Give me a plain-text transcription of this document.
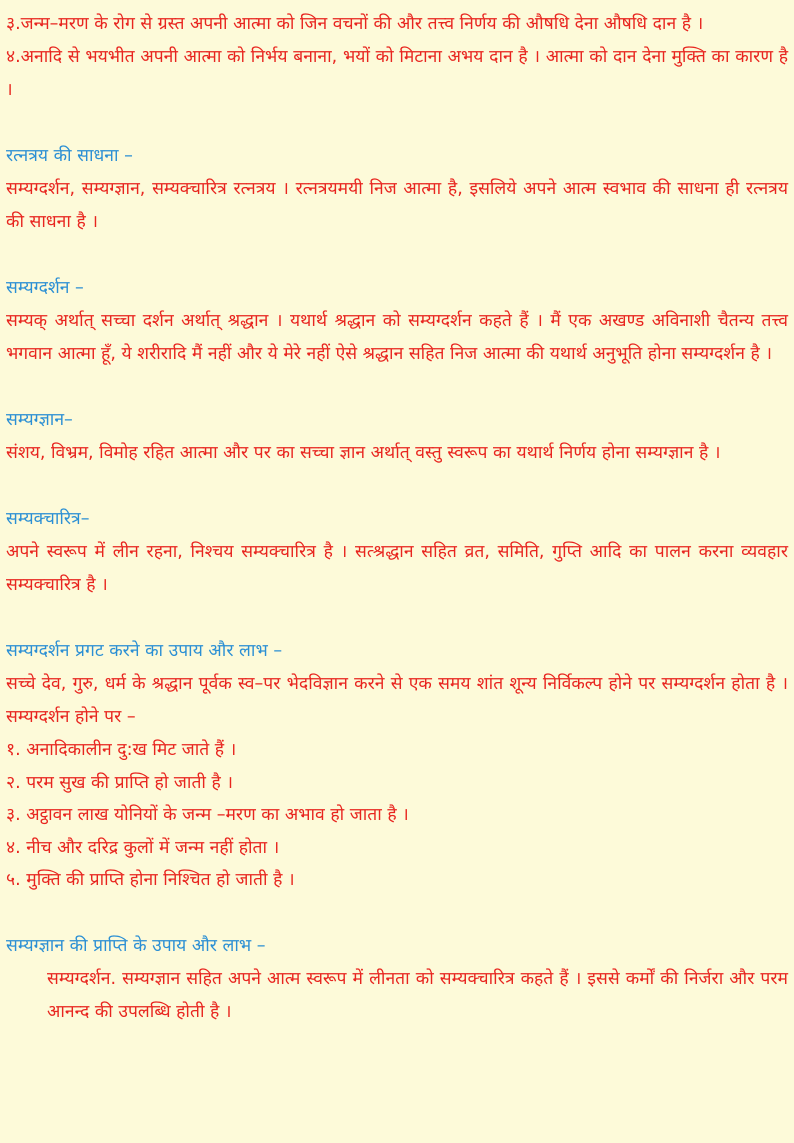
३.जन्म–मरण के रोग से ग्रस्त अपनी आत्मा को जिन वचनों की और तत्त्व निर्णय की औषधि देना औषधि दान है ।

४.अनादि से भयभीत अपनी आत्मा को निर्भय बनाना, भयों को मिटाना अभय दान है । आत्मा को दान देना मुक्ति का कारण है ।

रत्नत्रय की साधना –

सम्यग्दर्शन, सम्यग्ज्ञान, सम्यक्चारित्र रत्नत्रय । रत्नत्रयमयी निज आत्मा है, इसलिये अपने आत्म स्वभाव की साधना ही रत्नत्रय की साधना है ।

सम्यग्दर्शन –

सम्यक् अर्थात् सच्चा दर्शन अर्थात् श्रद्धान । यथार्थ श्रद्धान को सम्यग्दर्शन कहते हैं । मैं एक अखण्ड अविनाशी चैतन्य तत्त्व भगवान आत्मा हूँ, ये शरीरादि मैं नहीं और ये मेरे नहीं ऐसे श्रद्धान सहित निज आत्मा की यथार्थ अनुभूति होना सम्यग्दर्शन है ।

सम्यग्ज्ञान–

संशय, विभ्रम, विमोह रहित आत्मा और पर का सच्चा ज्ञान अर्थात् वस्तु स्वरूप का यथार्थ निर्णय होना सम्यग्ज्ञान है ।

सम्यक्चारित्र–

अपने स्वरूप में लीन रहना, निश्चय सम्यक्चारित्र है । सत्श्रद्धान सहित व्रत, समिति, गुप्ति आदि का पालन करना व्यवहार सम्यक्चारित्र है ।

सम्यग्दर्शन प्रगट करने का उपाय और लाभ –

सच्चे देव, गुरु, धर्म के श्रद्धान पूर्वक स्व–पर भेदविज्ञान करने से एक समय शांत शून्य निर्विकल्प होने पर सम्यग्दर्शन होता है । सम्यग्दर्शन होने पर –

१. अनादिकालीन दु:ख मिट जाते हैं ।

२. परम सुख की प्राप्ति हो जाती है ।

३. अट्ठावन लाख योनियों के जन्म –मरण का अभाव हो जाता है ।

४. नीच और दरिद्र कुलों में जन्म नहीं होता ।

५. मुक्ति की प्राप्ति होना निश्चित हो जाती है ।

सम्यग्ज्ञान की प्राप्ति के उपाय और लाभ –

सम्यग्दर्शन. सम्यग्ज्ञान सहित अपने आत्म स्वरूप में लीनता को सम्यक्चारित्र कहते हैं । इससे कर्मों की निर्जरा और परम आनन्द की उपलब्धि होती है ।
